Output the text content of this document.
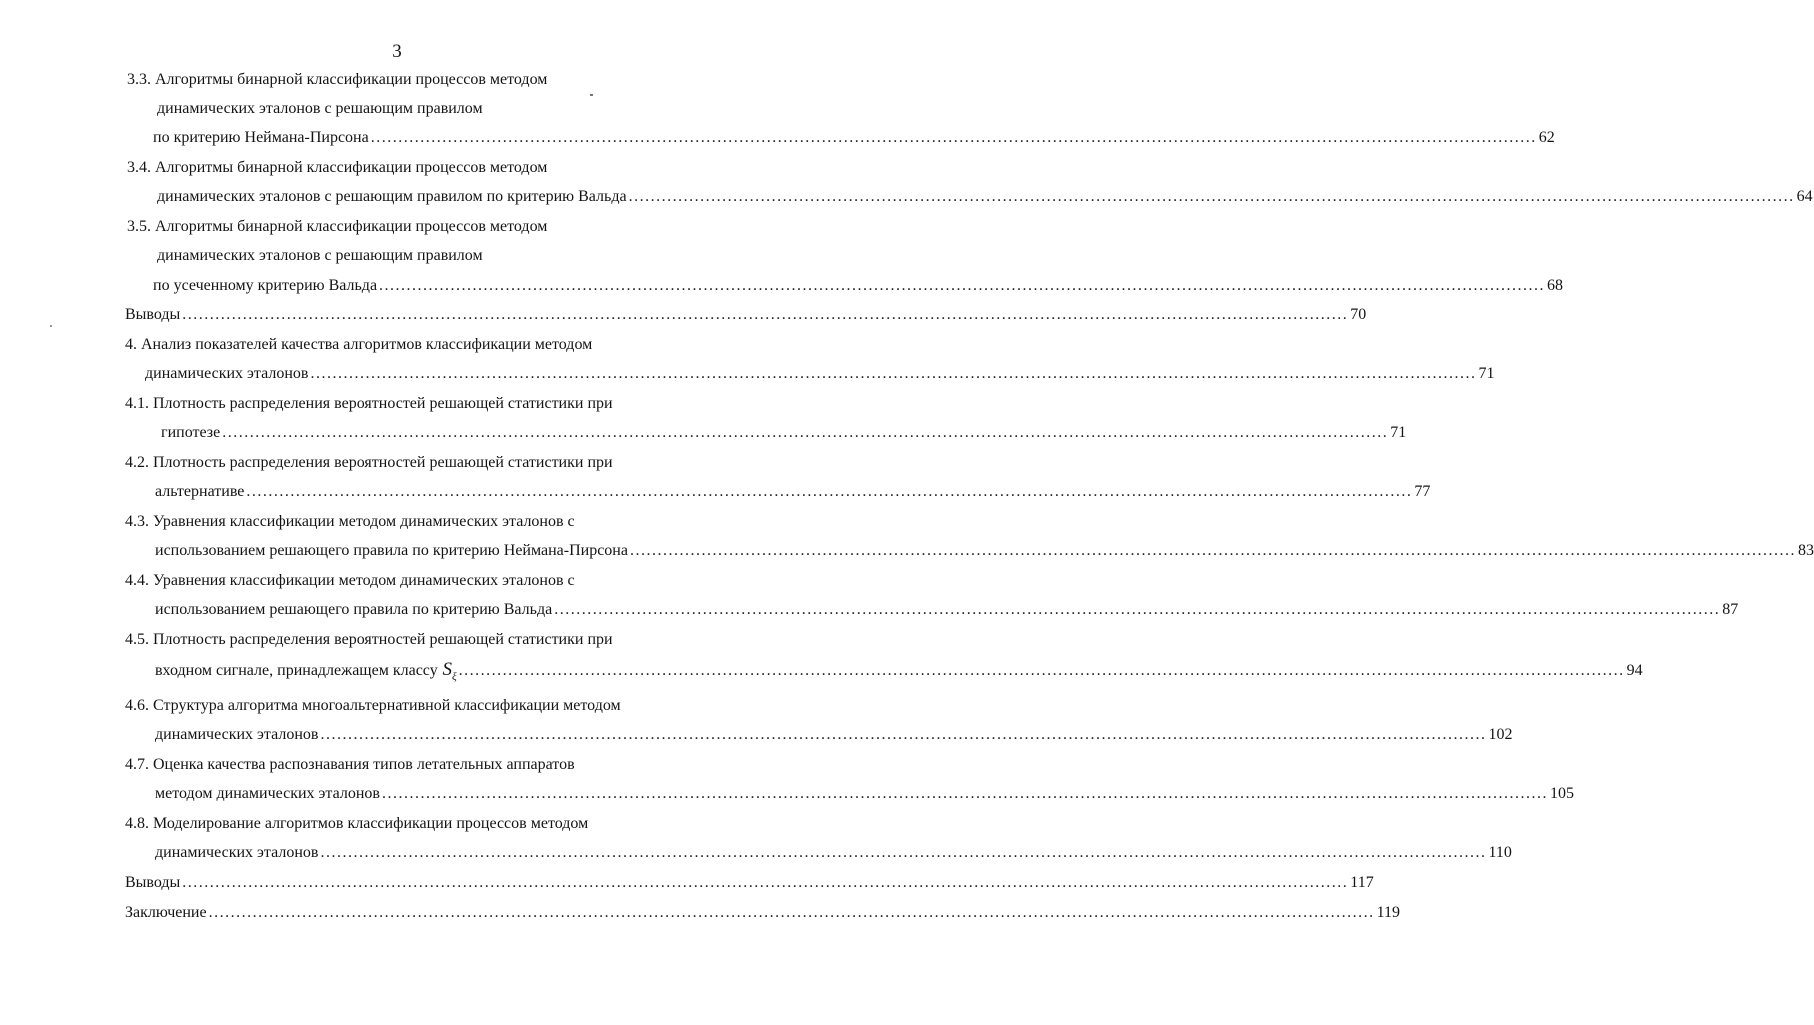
3
3.3. Алгоритмы бинарной классификации процессов методом
динамических эталонов с решающим правилом
по критерию Неймана-Пирсона .................................................................................................................................................................................................................... 62
3.4. Алгоритмы бинарной классификации процессов методом
динамических эталонов с решающим правилом по критерию Вальда .................................................................................................................................................................................................................... 64
3.5. Алгоритмы бинарной классификации процессов методом
динамических эталонов с решающим правилом
по усеченному критерию Вальда .................................................................................................................................................................................................................... 68
Выводы .................................................................................................................................................................................................................... 70
4. Анализ показателей качества алгоритмов классификации методом
динамических эталонов .................................................................................................................................................................................................................... 71
4.1. Плотность распределения вероятностей решающей статистики при
гипотезе .................................................................................................................................................................................................................... 71
4.2. Плотность распределения вероятностей решающей статистики при
альтернативе .................................................................................................................................................................................................................... 77
4.3. Уравнения классификации методом динамических эталонов с
использованием решающего правила по критерию Неймана-Пирсона .................................................................................................................................................................................................................... 83
4.4. Уравнения классификации методом динамических эталонов с
использованием решающего правила по критерию Вальда .................................................................................................................................................................................................................... 87
4.5. Плотность распределения вероятностей решающей статистики при
входном сигнале, принадлежащем классу $S_\xi$ .................................................................................................................................................................................................................... 94
4.6. Структура алгоритма многоальтернативной классификации методом
динамических эталонов .................................................................................................................................................................................................................... 102
4.7. Оценка качества распознавания типов летательных аппаратов
методом динамических эталонов .................................................................................................................................................................................................................... 105
4.8. Моделирование алгоритмов классификации процессов методом
динамических эталонов .................................................................................................................................................................................................................... 110
Выводы .................................................................................................................................................................................................................... 117
Заключение .................................................................................................................................................................................................................... 119
